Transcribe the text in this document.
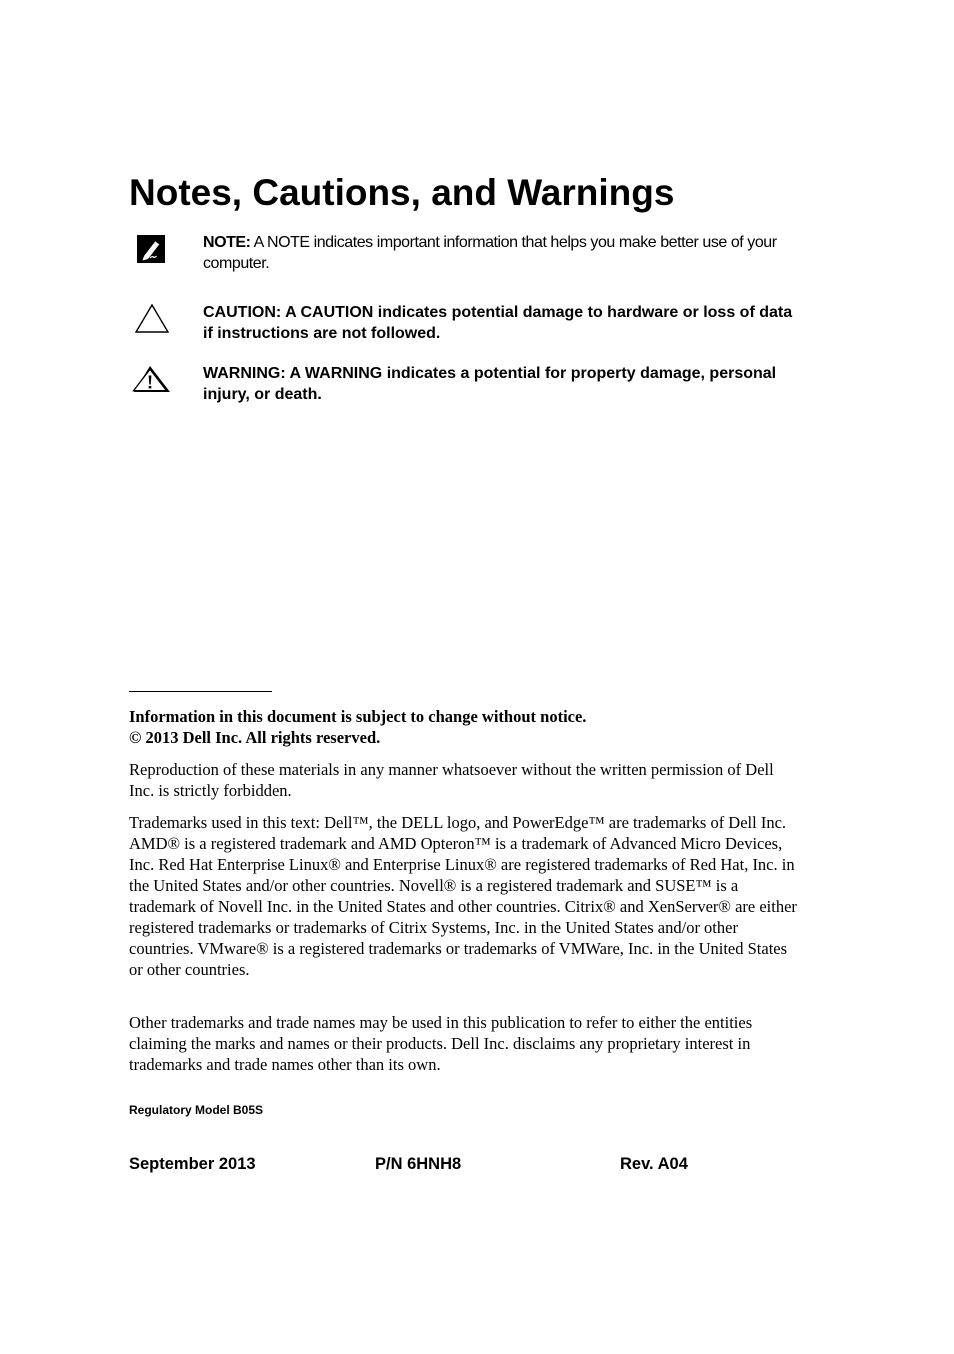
Notes, Cautions, and Warnings
NOTE: A NOTE indicates important information that helps you make better use of your computer.
CAUTION: A CAUTION indicates potential damage to hardware or loss of data if instructions are not followed.
WARNING: A WARNING indicates a potential for property damage, personal injury, or death.
Information in this document is subject to change without notice.
© 2013 Dell Inc. All rights reserved.

Reproduction of these materials in any manner whatsoever without the written permission of Dell Inc. is strictly forbidden.

Trademarks used in this text: Dell™, the DELL logo, and PowerEdge™ are trademarks of Dell Inc. AMD® is a registered trademark and AMD Opteron™ is a trademark of Advanced Micro Devices, Inc. Red Hat Enterprise Linux® and Enterprise Linux® are registered trademarks of Red Hat, Inc. in the United States and/or other countries. Novell® is a registered trademark and SUSE™ is a trademark of Novell Inc. in the United States and other countries. Citrix® and XenServer® are either registered trademarks or trademarks of Citrix Systems, Inc. in the United States and/or other countries. VMware® is a registered trademarks or trademarks of VMWare, Inc. in the United States or other countries.

Other trademarks and trade names may be used in this publication to refer to either the entities claiming the marks and names or their products. Dell Inc. disclaims any proprietary interest in trademarks and trade names other than its own.

Regulatory Model B05S
September 2013	P/N 6HNH8	Rev. A04
